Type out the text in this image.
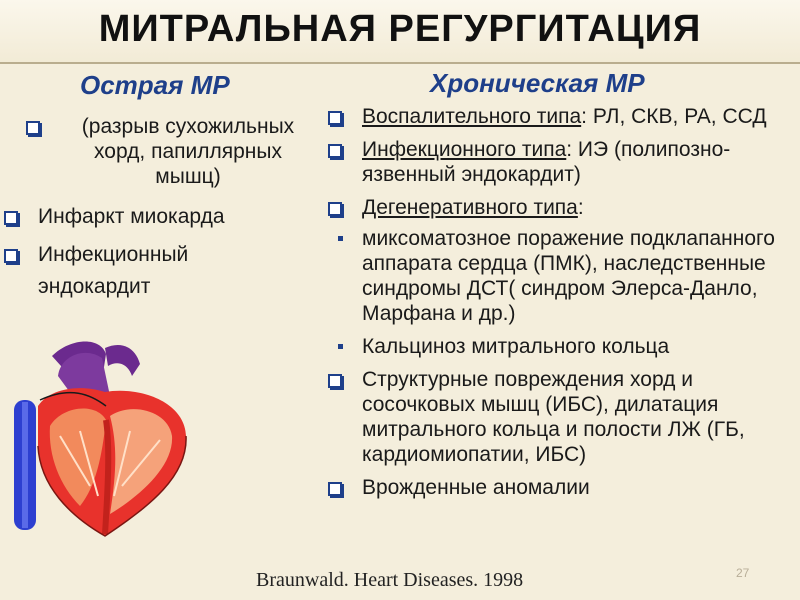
МИТРАЛЬНАЯ РЕГУРГИТАЦИЯ
Острая МР
(разрыв сухожильных хорд, папиллярных мышц)
Инфаркт миокарда
Инфекционный эндокардит
Хроническая МР
Воспалительного типа: РЛ, СКВ, РА, ССД
Инфекционного типа: ИЭ (полипозно-язвенный эндокардит)
Дегенеративного типа:
миксоматозное поражение подклапанного аппарата сердца (ПМК), наследственные синдромы ДСТ( синдром Элерса-Данло, Марфана и др.)
Кальциноз митрального кольца
Структурные повреждения хорд и сосочковых мышц (ИБС), дилатация митрального кольца и полости ЛЖ (ГБ, кардиомиопатии, ИБС)
Врожденные аномалии
Braunwald. Heart Diseases. 1998	27
